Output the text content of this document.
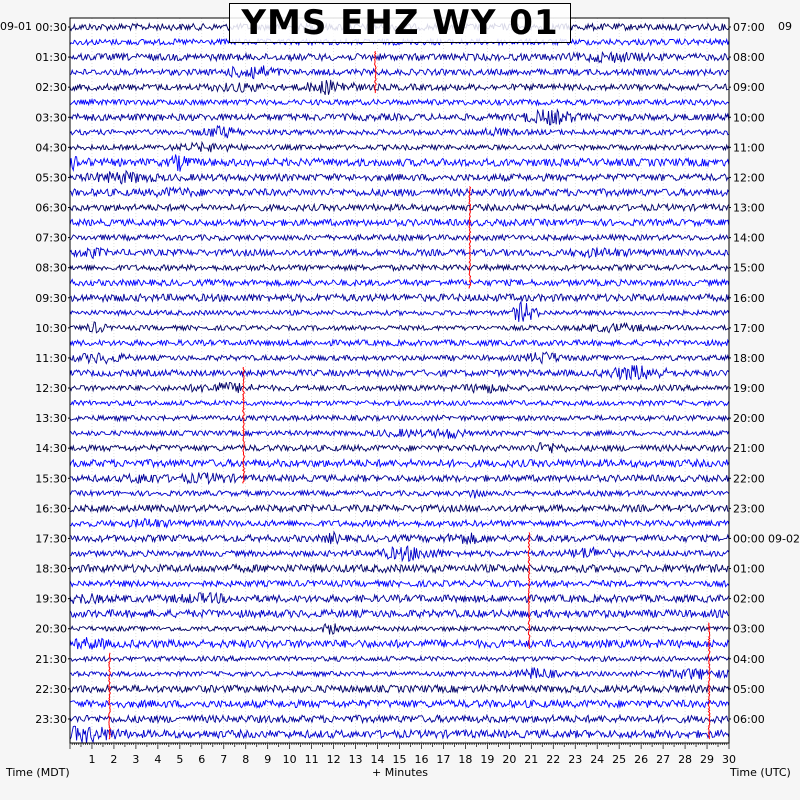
00:30
01:30
02:30
03:30
04:30
05:30
06:30
07:30
08:30
09:30
10:30
11:30
12:30
13:30
14:30
15:30
16:30
17:30
18:30
19:30
20:30
21:30
22:30
23:30
07:00
08:00
09:00
10:00
11:00
12:00
13:00
14:00
15:00
16:00
17:00
18:00
19:00
20:00
21:00
22:00
23:00
00:00
01:00
02:00
03:00
04:00
05:00
06:00
09-01
09-02
09
1 2 3 4 5 6 7 8 9 10 11 12 13 14 15 16 17 18 19 20 21 22 23 24 25 26 27 28 29 30
YMS EHZ WY 01
Time (MDT)	+ Minutes	Time (UTC)
